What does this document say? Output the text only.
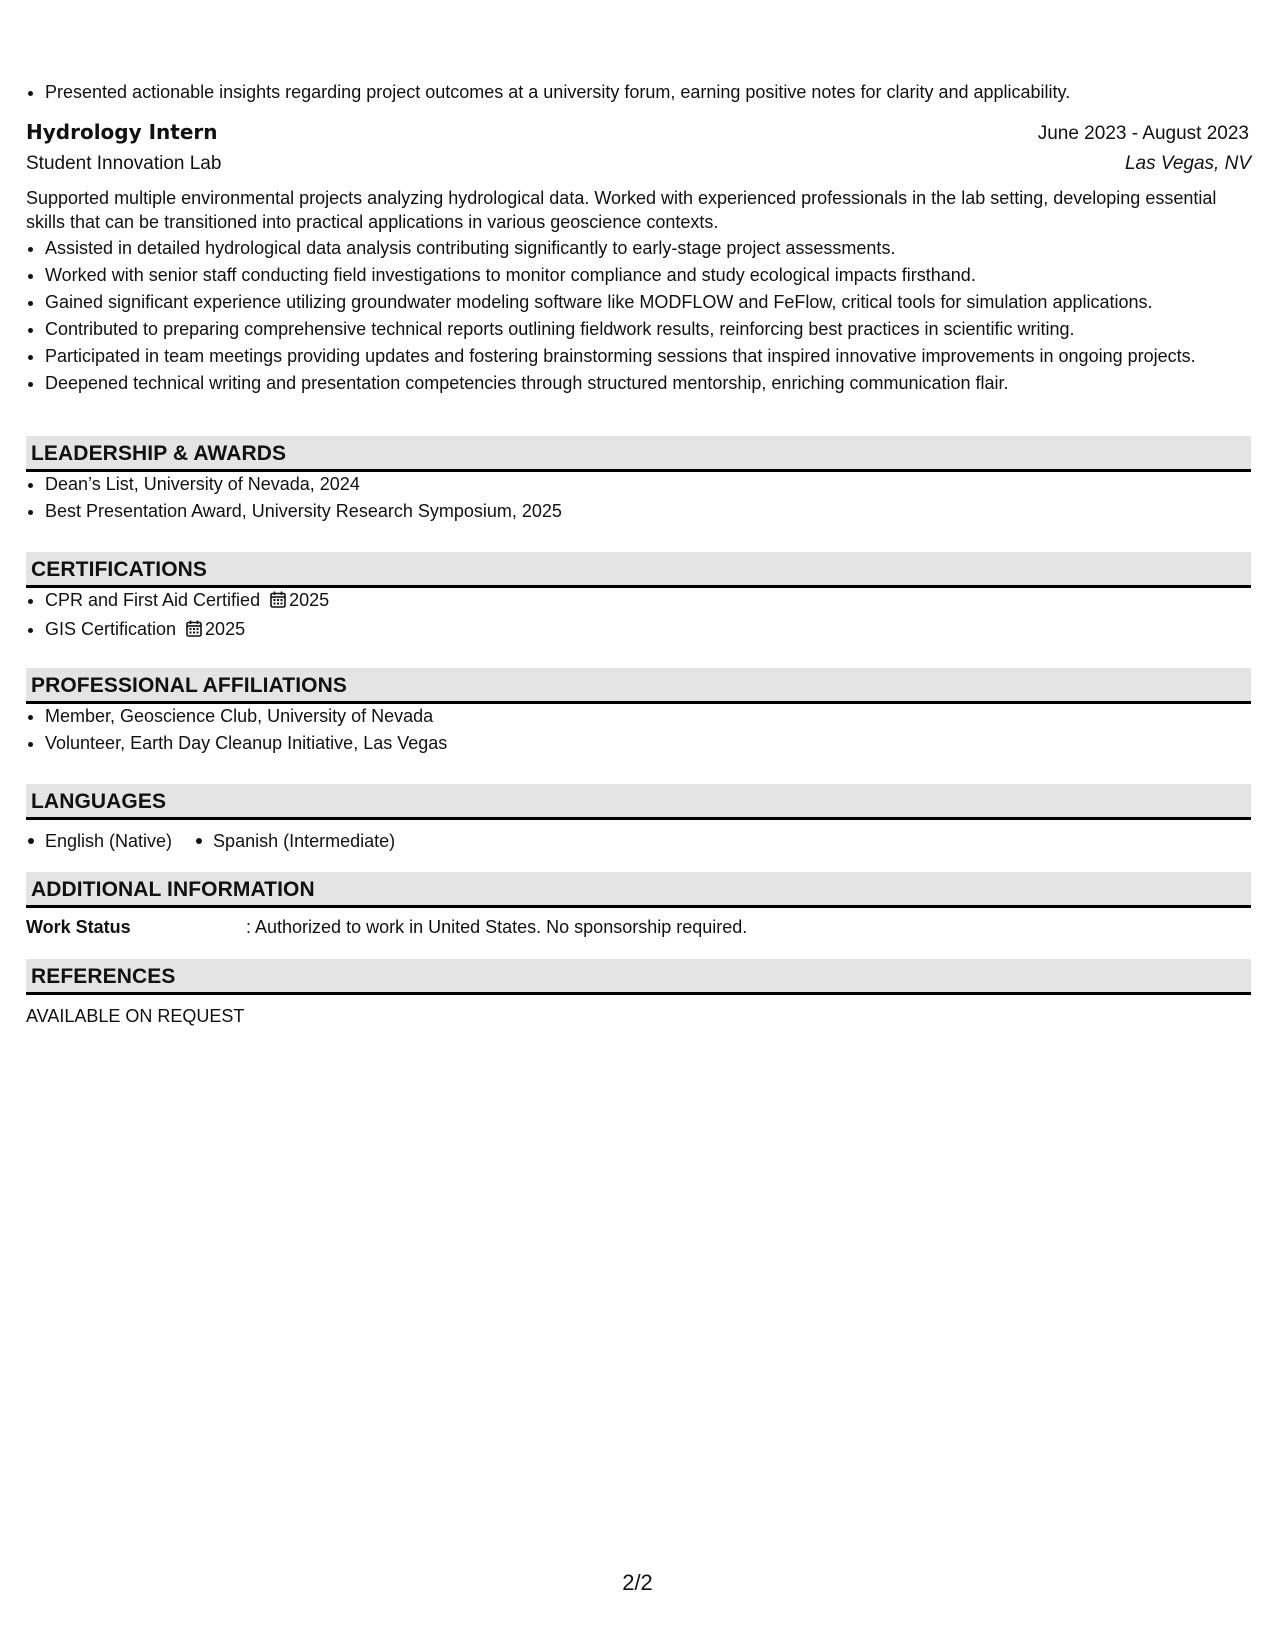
• Presented actionable insights regarding project outcomes at a university forum, earning positive notes for clarity and applicability.
Hydrology Intern	June 2023 - August 2023
Student Innovation Lab	Las Vegas, NV
Supported multiple environmental projects analyzing hydrological data. Worked with experienced professionals in the lab setting, developing essential skills that can be transitioned into practical applications in various geoscience contexts.
• Assisted in detailed hydrological data analysis contributing significantly to early-stage project assessments.
• Worked with senior staff conducting field investigations to monitor compliance and study ecological impacts firsthand.
• Gained significant experience utilizing groundwater modeling software like MODFLOW and FeFlow, critical tools for simulation applications.
• Contributed to preparing comprehensive technical reports outlining fieldwork results, reinforcing best practices in scientific writing.
• Participated in team meetings providing updates and fostering brainstorming sessions that inspired innovative improvements in ongoing projects.
• Deepened technical writing and presentation competencies through structured mentorship, enriching communication flair.
LEADERSHIP & AWARDS
• Dean’s List, University of Nevada, 2024
• Best Presentation Award, University Research Symposium, 2025
CERTIFICATIONS
• CPR and First Aid Certified 2025
• GIS Certification 2025
PROFESSIONAL AFFILIATIONS
• Member, Geoscience Club, University of Nevada
• Volunteer, Earth Day Cleanup Initiative, Las Vegas
LANGUAGES
English (Native)	Spanish (Intermediate)
ADDITIONAL INFORMATION
Work Status	: Authorized to work in United States. No sponsorship required.
REFERENCES
AVAILABLE ON REQUEST
2/2
